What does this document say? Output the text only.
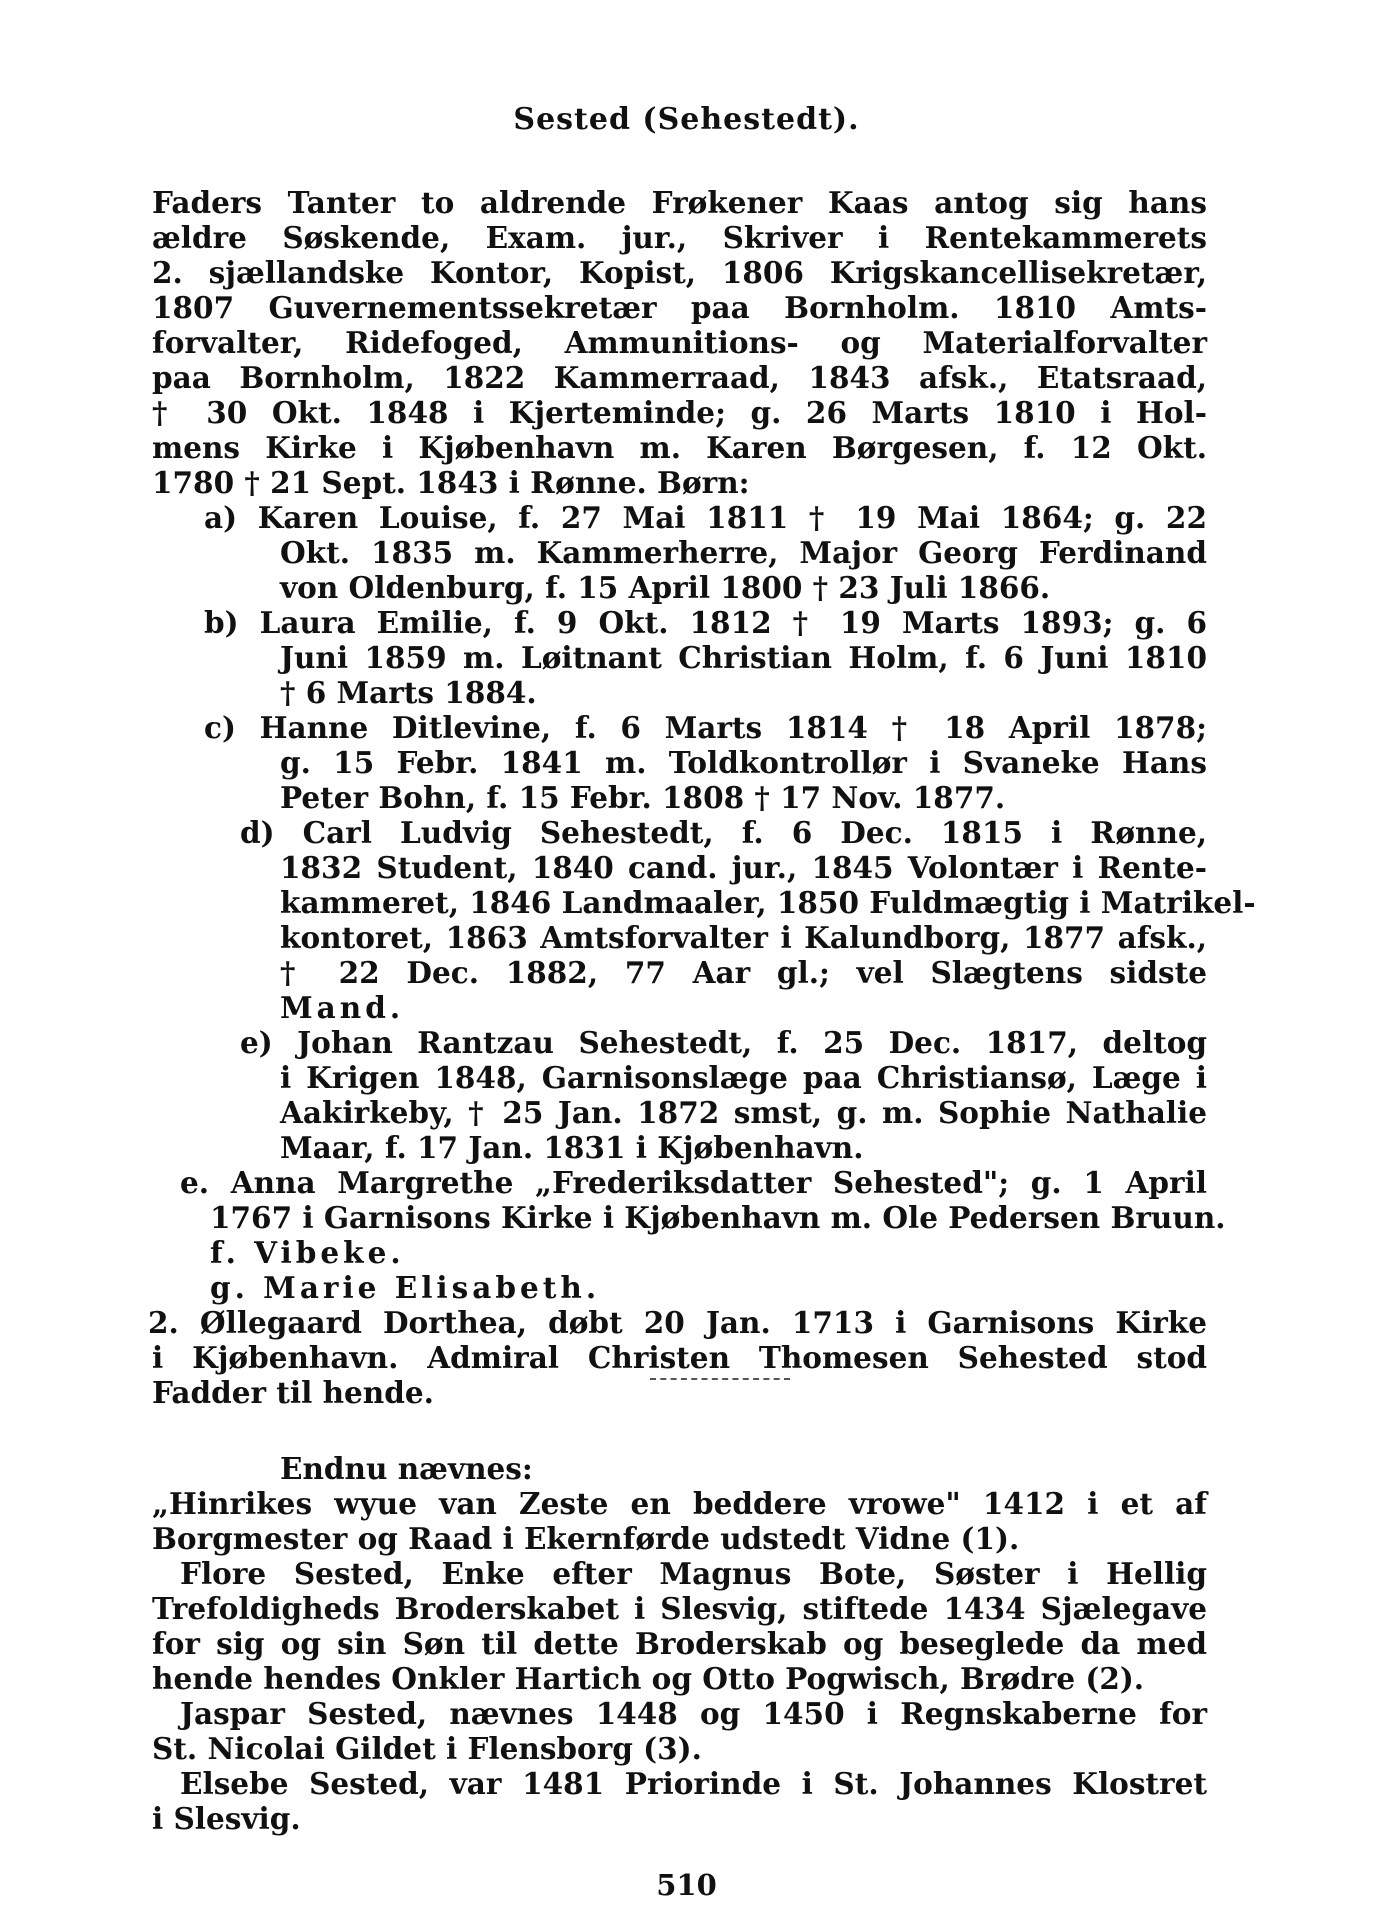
Sested (Sehestedt).
Faders Tanter to aldrende Frøkener Kaas antog sig hans
ældre Søskende, Exam. jur., Skriver i Rentekammerets
2. sjællandske Kontor, Kopist, 1806 Krigskancellisekretær,
1807 Guvernementssekretær paa Bornholm. 1810 Amts-
forvalter, Ridefoged, Ammunitions- og Materialforvalter
paa Bornholm, 1822 Kammerraad, 1843 afsk., Etatsraad,
† 30 Okt. 1848 i Kjerteminde; g. 26 Marts 1810 i Hol-
mens Kirke i Kjøbenhavn m. Karen Børgesen, f. 12 Okt.
1780 † 21 Sept. 1843 i Rønne. Børn:
a) Karen Louise, f. 27 Mai 1811 † 19 Mai 1864; g. 22
Okt. 1835 m. Kammerherre, Major Georg Ferdinand
von Oldenburg, f. 15 April 1800 † 23 Juli 1866.
b) Laura Emilie, f. 9 Okt. 1812 † 19 Marts 1893; g. 6
Juni 1859 m. Løitnant Christian Holm, f. 6 Juni 1810
† 6 Marts 1884.
c) Hanne Ditlevine, f. 6 Marts 1814 † 18 April 1878;
g. 15 Febr. 1841 m. Toldkontrollør i Svaneke Hans
Peter Bohn, f. 15 Febr. 1808 † 17 Nov. 1877.
d) Carl Ludvig Sehestedt, f. 6 Dec. 1815 i Rønne,
1832 Student, 1840 cand. jur., 1845 Volontær i Rente-
kammeret, 1846 Landmaaler, 1850 Fuldmægtig i Matrikel-
kontoret, 1863 Amtsforvalter i Kalundborg, 1877 afsk.,
† 22 Dec. 1882, 77 Aar gl.; vel Slægtens sidste
Mand.
e) Johan Rantzau Sehestedt, f. 25 Dec. 1817, deltog
i Krigen 1848, Garnisonslæge paa Christiansø, Læge i
Aakirkeby, † 25 Jan. 1872 smst, g. m. Sophie Nathalie
Maar, f. 17 Jan. 1831 i Kjøbenhavn.
e. Anna Margrethe „Frederiksdatter Sehested"; g. 1 April
1767 i Garnisons Kirke i Kjøbenhavn m. Ole Pedersen Bruun.
f. Vibeke.
g. Marie Elisabeth.
2. Øllegaard Dorthea, døbt 20 Jan. 1713 i Garnisons Kirke
i Kjøbenhavn. Admiral Christen Thomesen Sehested stod
Fadder til hende.
Endnu nævnes:
„Hinrikes wyue van Zeste en beddere vrowe" 1412 i et af
Borgmester og Raad i Ekernførde udstedt Vidne (1).
Flore Sested, Enke efter Magnus Bote, Søster i Hellig
Trefoldigheds Broderskabet i Slesvig, stiftede 1434 Sjælegave
for sig og sin Søn til dette Broderskab og beseglede da med
hende hendes Onkler Hartich og Otto Pogwisch, Brødre (2).
Jaspar Sested, nævnes 1448 og 1450 i Regnskaberne for
St. Nicolai Gildet i Flensborg (3).
Elsebe Sested, var 1481 Priorinde i St. Johannes Klostret
i Slesvig.
510
